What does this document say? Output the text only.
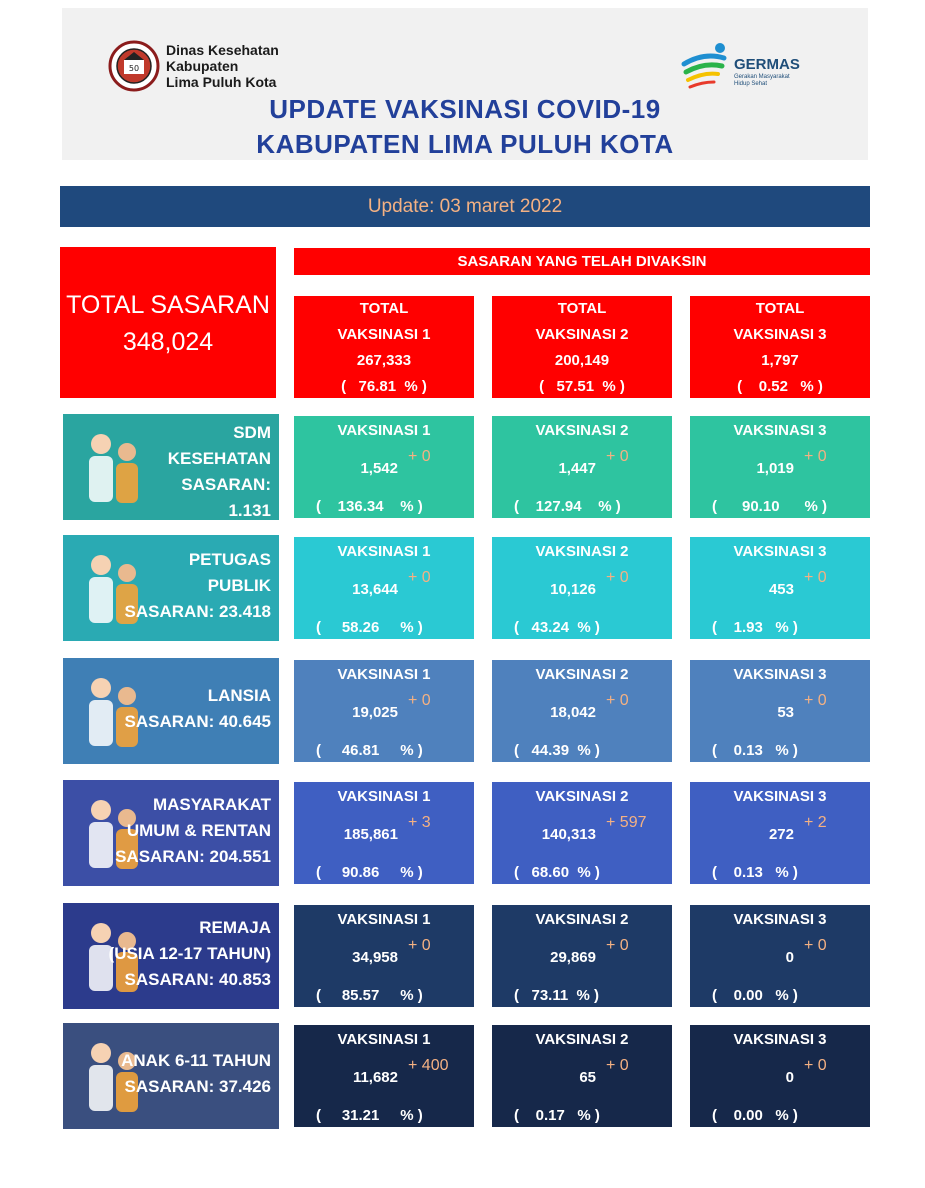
50
Dinas Kesehatan
Kabupaten
Lima Puluh Kota
GERMAS
Gerakan Masyarakat
Hidup Sehat
UPDATE VAKSINASI COVID-19
KABUPATEN LIMA PULUH KOTA
Update: 03 maret 2022
TOTAL SASARAN
348,024
SASARAN YANG TELAH DIVAKSIN
TOTAL
VAKSINASI 1
267,333
(   76.81  % )
TOTAL
VAKSINASI 2
200,149
(   57.51  % )
TOTAL
VAKSINASI 3
1,797
(    0.52   % )
SDM
KESEHATAN
SASARAN:
1.131
VAKSINASI 1
1,542
+ 0
(    136.34    % )
VAKSINASI 2
1,447
+ 0
(    127.94    % )
VAKSINASI 3
1,019
+ 0
(      90.10      % )
PETUGAS
PUBLIK
SASARAN: 23.418
VAKSINASI 1
13,644
+ 0
(     58.26     % )
VAKSINASI 2
10,126
+ 0
(   43.24  % )
VAKSINASI 3
453
+ 0
(    1.93   % )
LANSIA
SASARAN: 40.645
VAKSINASI 1
19,025
+ 0
(     46.81     % )
VAKSINASI 2
18,042
+ 0
(   44.39  % )
VAKSINASI 3
53
+ 0
(    0.13   % )
MASYARAKAT
UMUM & RENTAN
SASARAN: 204.551
VAKSINASI 1
185,861
+ 3
(     90.86     % )
VAKSINASI 2
140,313
+ 597
(   68.60  % )
VAKSINASI 3
272
+ 2
(    0.13   % )
REMAJA
(USIA 12-17 TAHUN)
SASARAN: 40.853
VAKSINASI 1
34,958
+ 0
(     85.57     % )
VAKSINASI 2
29,869
+ 0
(   73.11  % )
VAKSINASI 3
0
+ 0
(    0.00   % )
ANAK 6-11 TAHUN
SASARAN: 37.426
VAKSINASI 1
11,682
+ 400
(     31.21     % )
VAKSINASI 2
65
+ 0
(    0.17   % )
VAKSINASI 3
0
+ 0
(    0.00   % )
